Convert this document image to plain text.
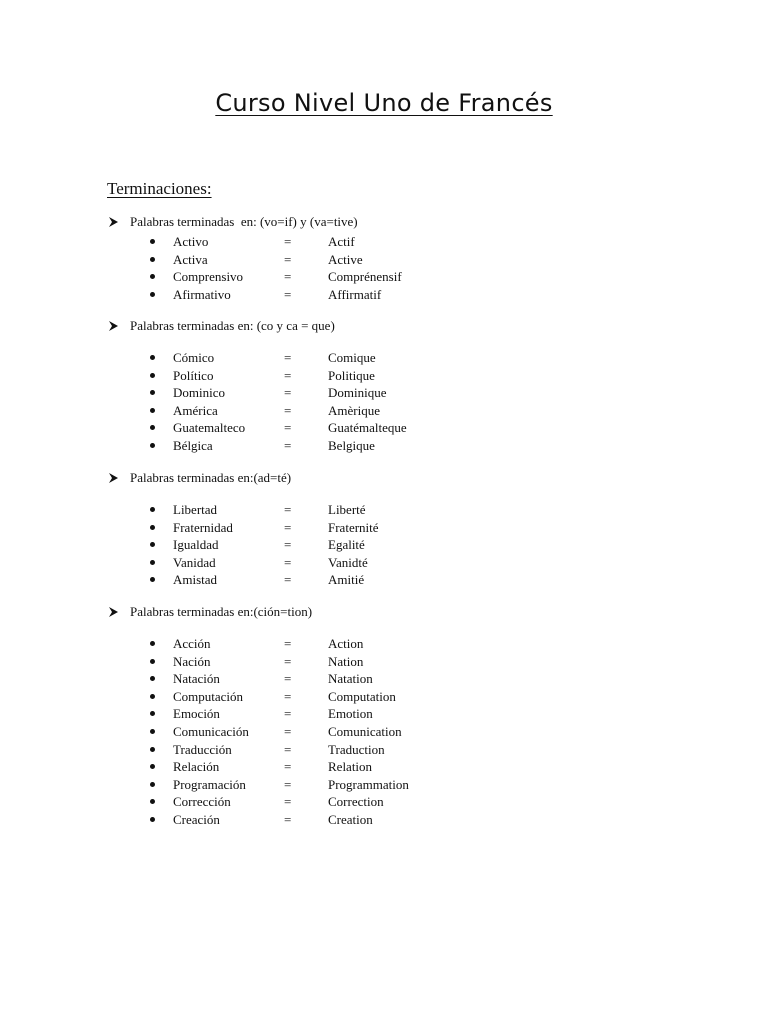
Curso Nivel Uno de Francés
Terminaciones:
Palabras terminadas  en: (vo=if) y (va=tive)
Activo	=	Actif
Activa	=	Active
Comprensivo	=	Comprénensif
Afirmativo	=	Affirmatif
Palabras terminadas en: (co y ca = que)
Cómico	=	Comique
Político	=	Politique
Dominico	=	Dominique
América	=	Amèrique
Guatemalteco	=	Guatémalteque
Bélgica	=	Belgique
Palabras terminadas en:(ad=té)
Libertad	=	Liberté
Fraternidad	=	Fraternité
Igualdad	=	Egalité
Vanidad	=	Vanidté
Amistad	=	Amitié
Palabras terminadas en:(ción=tion)
Acción	=	Action
Nación	=	Nation
Natación	=	Natation
Computación	=	Computation
Emoción	=	Emotion
Comunicación	=	Comunication
Traducción	=	Traduction
Relación	=	Relation
Programación	=	Programmation
Corrección	=	Correction
Creación	=	Creation
